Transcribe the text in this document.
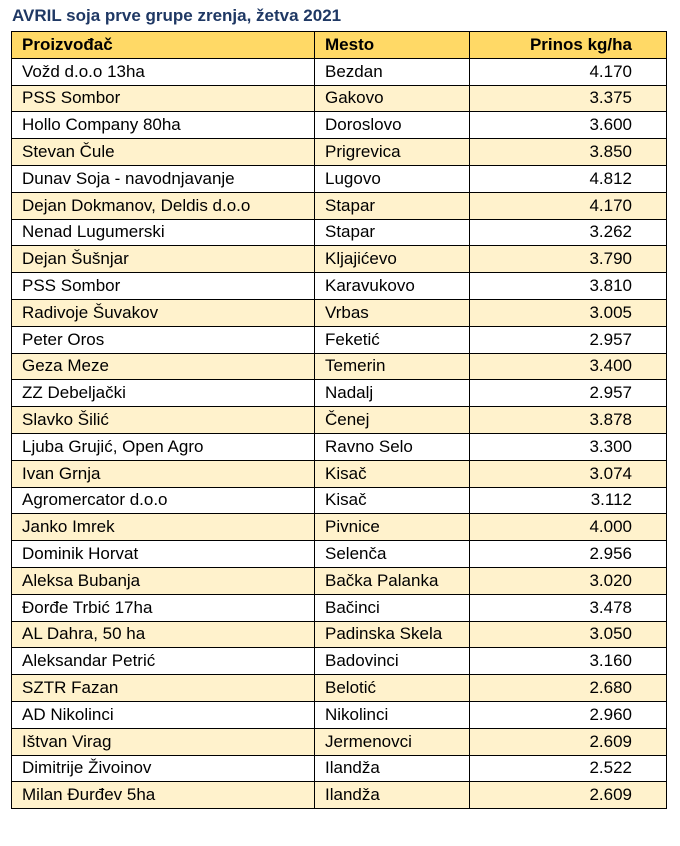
AVRIL soja prve grupe zrenja, žetva 2021
Proizvođač	Mesto	Prinos kg/ha
Vožd d.o.o 13ha	Bezdan	4.170
PSS Sombor	Gakovo	3.375
Hollo Company 80ha	Doroslovo	3.600
Stevan Čule	Prigrevica	3.850
Dunav Soja - navodnjavanje	Lugovo	4.812
Dejan Dokmanov, Deldis d.o.o	Stapar	4.170
Nenad Lugumerski	Stapar	3.262
Dejan Šušnjar	Kljajićevo	3.790
PSS Sombor	Karavukovo	3.810
Radivoje Šuvakov	Vrbas	3.005
Peter Oros	Feketić	2.957
Geza Meze	Temerin	3.400
ZZ Debeljački	Nadalj	2.957
Slavko Šilić	Čenej	3.878
Ljuba Grujić, Open Agro	Ravno Selo	3.300
Ivan Grnja	Kisač	3.074
Agromercator d.o.o	Kisač	3.112
Janko Imrek	Pivnice	4.000
Dominik Horvat	Selenča	2.956
Aleksa Bubanja	Bačka Palanka	3.020
Đorđe Trbić 17ha	Bačinci	3.478
AL Dahra, 50 ha	Padinska Skela	3.050
Aleksandar Petrić	Badovinci	3.160
SZTR Fazan	Belotić	2.680
AD Nikolinci	Nikolinci	2.960
Ištvan Virag	Jermenovci	2.609
Dimitrije Živoinov	Ilandža	2.522
Milan Đurđev 5ha	Ilandža	2.609
